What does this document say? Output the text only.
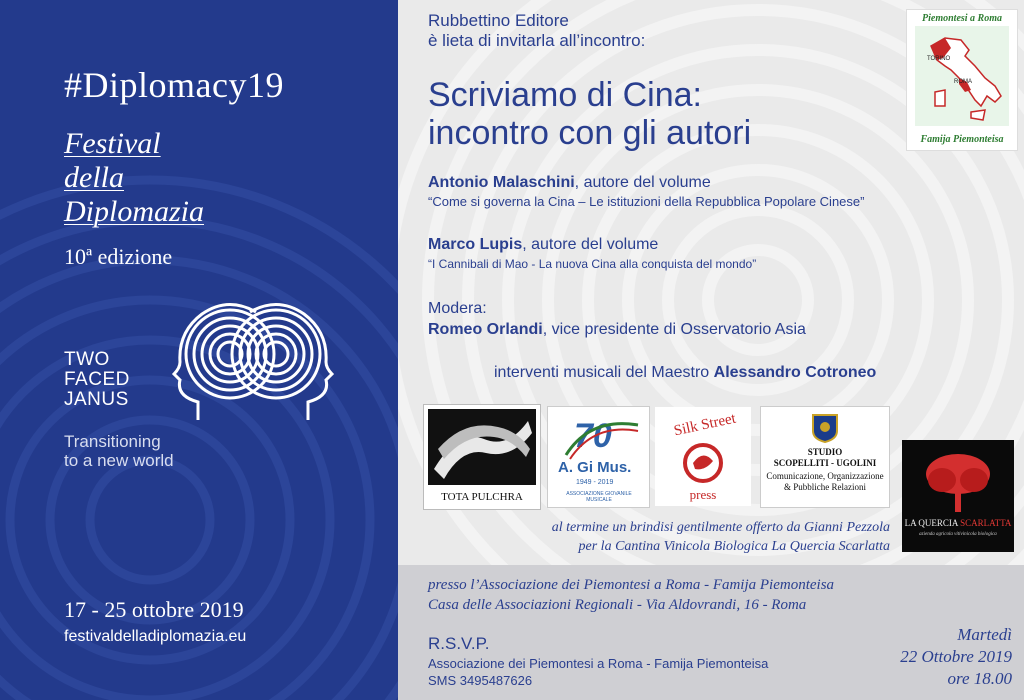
#Diplomacy19
Festival
della
Diplomazia
10ª edizione
TWO
FACED
JANUS
Transitioning
to a new world
17 - 25 ottobre 2019
festivaldelladiplomazia.eu
Rubbettino Editore
è lieta di invitarla all’incontro:
Scriviamo di Cina:
incontro con gli autori
Piemontesi a Roma
TORINO
ROMA
Famija Piemonteisa
Antonio Malaschini, autore del volume
“Come si governa la Cina – Le istituzioni della Repubblica Popolare Cinese”
Marco Lupis, autore del volume
“I Cannibali di Mao - La nuova Cina alla conquista del mondo”
Modera:
Romeo Orlandi, vice presidente di Osservatorio Asia
interventi musicali del Maestro Alessandro Cotroneo
TOTA PULCHRA
70
A. Gi Mus.
1949 - 2019
ASSOCIAZIONE GIOVANILE MUSICALE
Silk Street
press
STUDIO
SCOPELLITI - UGOLINI
Comunicazione, Organizzazione
& Pubbliche Relazioni
LA QUERCIA SCARLATTA
azienda agricola vitivinicola biologica
al termine un brindisi gentilmente offerto da Gianni Pezzola
per la Cantina Vinicola Biologica La Quercia Scarlatta
presso l’Associazione dei Piemontesi a Roma - Famija Piemonteisa
Casa delle Associazioni Regionali - Via Aldovrandi, 16 - Roma
R.S.V.P.
Associazione dei Piemontesi a Roma - Famija Piemonteisa
SMS 3495487626
Martedì
22 Ottobre 2019
ore 18.00
